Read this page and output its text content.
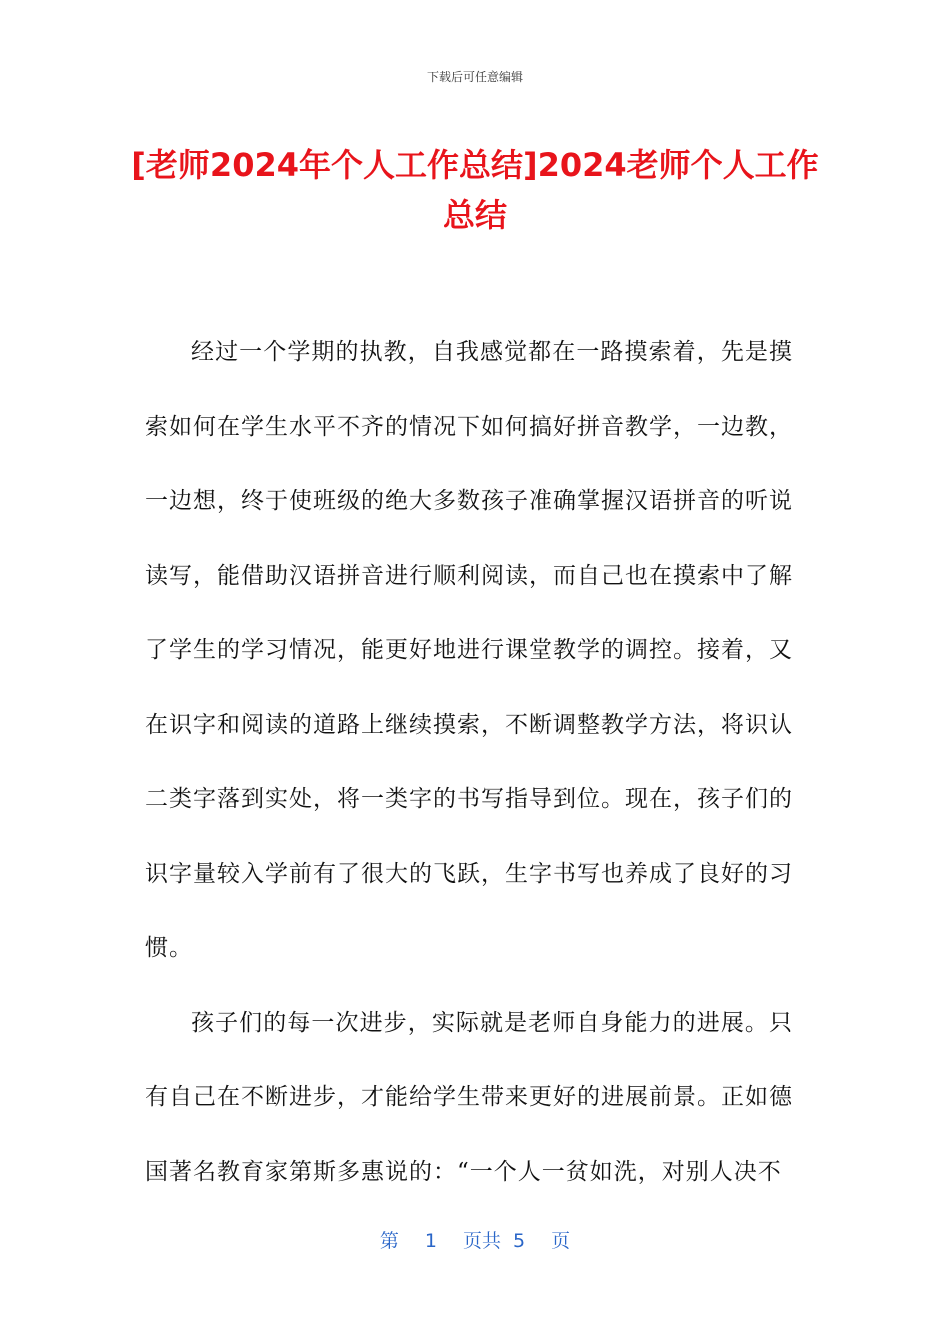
下载后可任意编辑
[老师2024年个人工作总结]2024老师个人工作总结

经过一个学期的执教，自我感觉都在一路摸索着，先是摸索如何在学生水平不齐的情况下如何搞好拼音教学，一边教，一边想，终于使班级的绝大多数孩子准确掌握汉语拼音的听说读写，能借助汉语拼音进行顺利阅读，而自己也在摸索中了解了学生的学习情况，能更好地进行课堂教学的调控。接着，又在识字和阅读的道路上继续摸索，不断调整教学方法，将识认二类字落到实处，将一类字的书写指导到位。现在，孩子们的识字量较入学前有了很大的飞跃，生字书写也养成了良好的习惯。

孩子们的每一次进步，实际就是老师自身能力的进展。只有自己在不断进步，才能给学生带来更好的进展前景。正如德国著名教育家第斯多惠说的：“一个人一贫如洗，对别人决不

第 1 页共 5 页
